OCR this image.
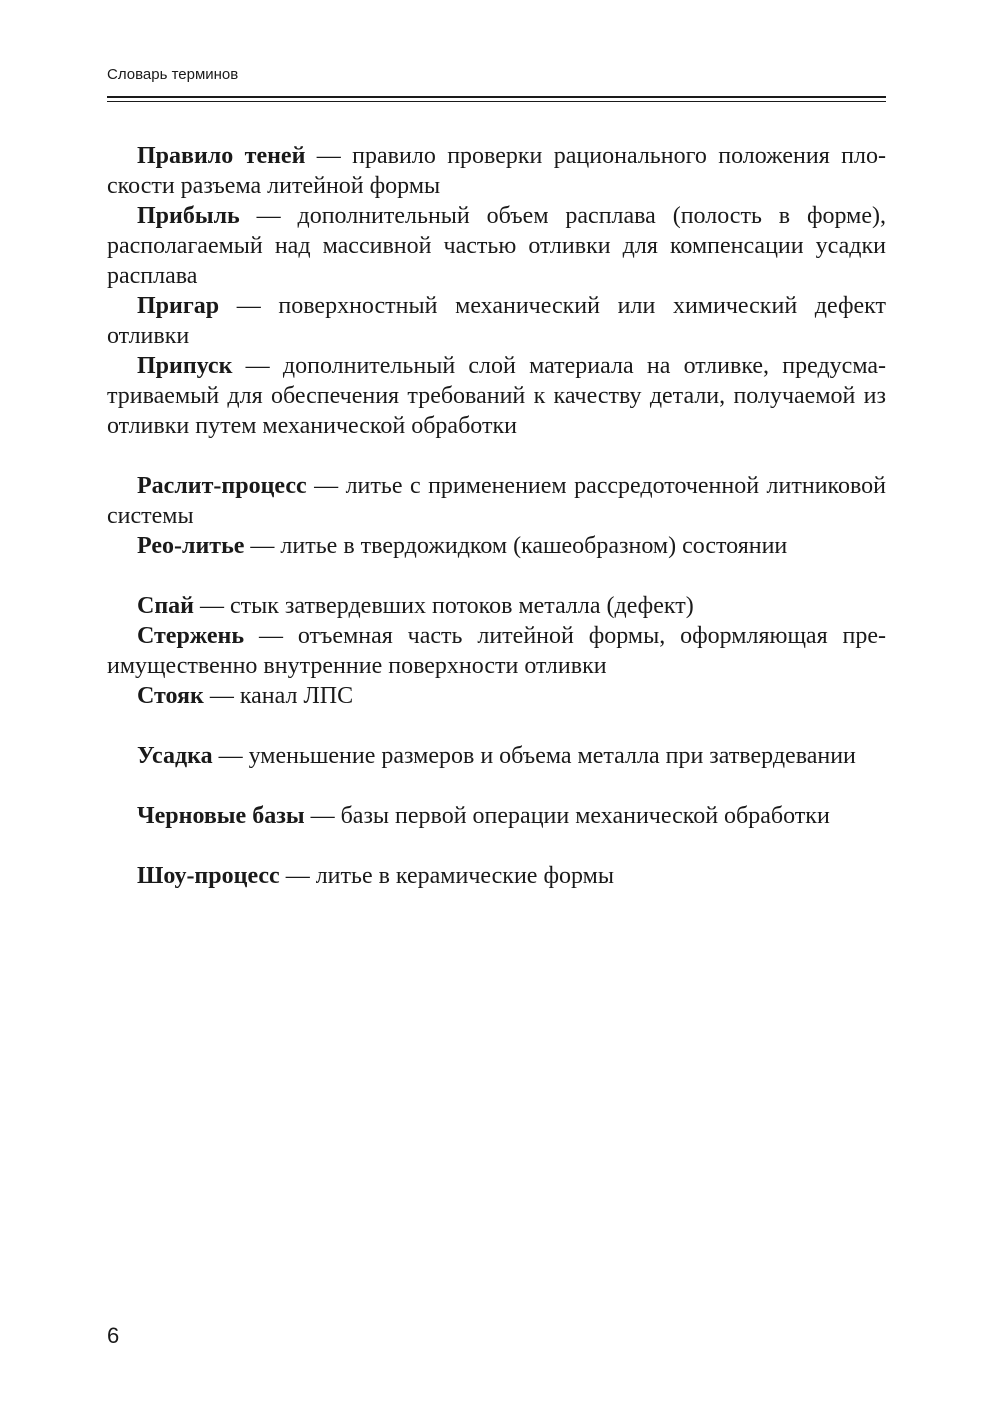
Словарь терминов

Правило теней — правило проверки рационального положения плоскости разъема литейной формы

Прибыль — дополнительный объем расплава (полость в форме), располагаемый над массивной частью отливки для компенсации усадки расплава

Пригар — поверхностный механический или химический дефект отливки

Припуск — дополнительный слой материала на отливке, предусматриваемый для обеспечения требований к качеству детали, получаемой из отливки путем механической обработки

Раслит-процесс — литье с применением рассредоточенной литниковой системы

Рео-литье — литье в твердожидком (кашеобразном) состоянии

Спай — стык затвердевших потоков металла (дефект)

Стержень — отъемная часть литейной формы, оформляющая преимущественно внутренние поверхности отливки

Стояк — канал ЛПС

Усадка — уменьшение размеров и объема металла при затвердевании

Черновые базы — базы первой операции механической обработки

Шоу-процесс — литье в керамические формы

6
